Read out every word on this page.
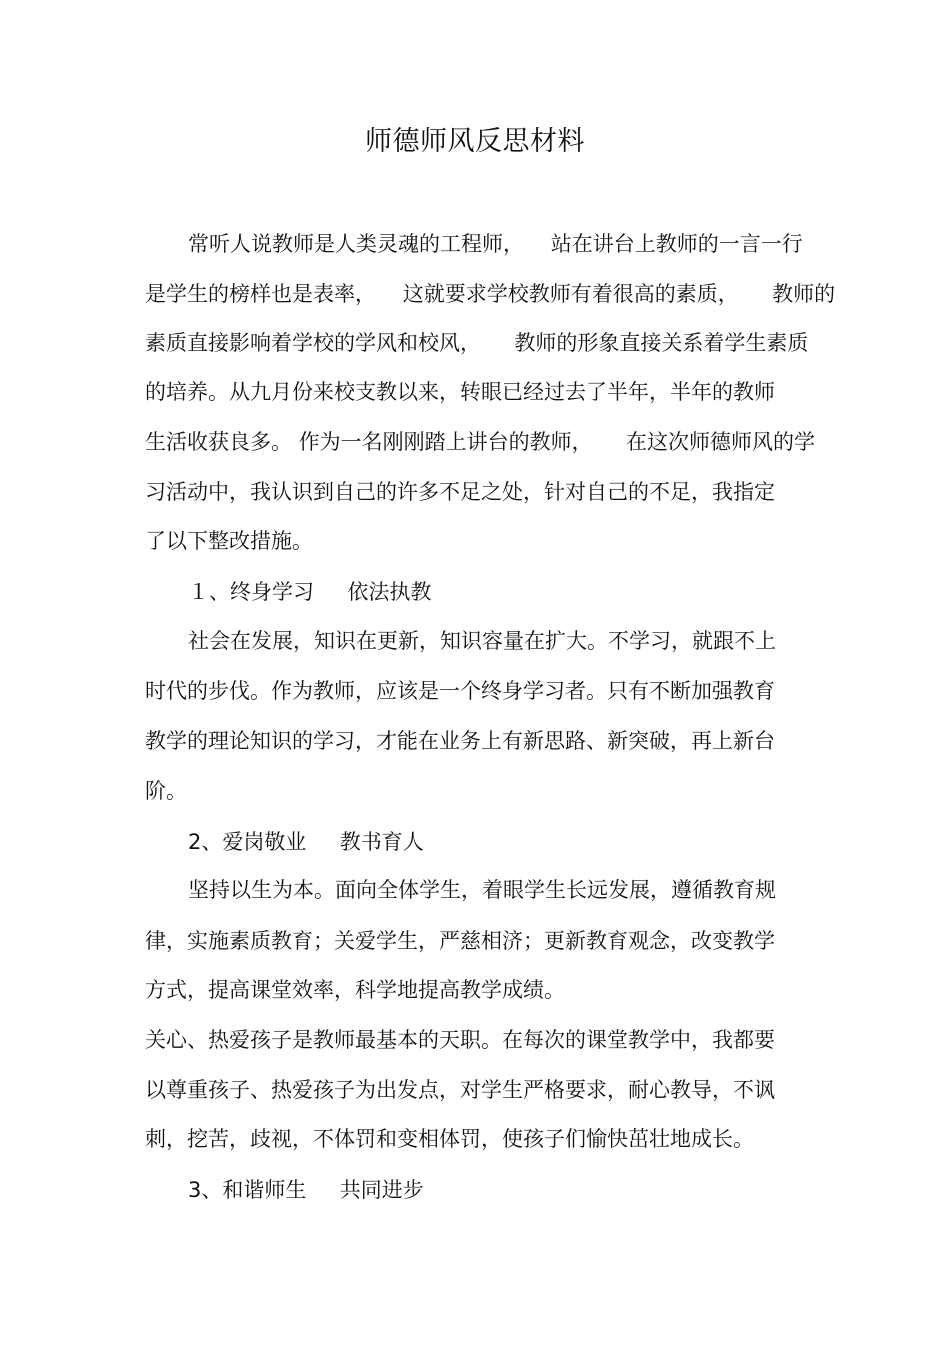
师德师风反思材料
常听人说教师是人类灵魂的工程师，    站在讲台上教师的一言一行
是学生的榜样也是表率，    这就要求学校教师有着很高的素质，     教师的
素质直接影响着学校的学风和校风，     教师的形象直接关系着学生素质
的培养。从九月份来校支教以来，转眼已经过去了半年，半年的教师
生活收获良多。 作为一名刚刚踏上讲台的教师，     在这次师德师风的学
习活动中，我认识到自己的许多不足之处，针对自己的不足，我指定
了以下整改措施。
１、终身学习     依法执教
社会在发展，知识在更新，知识容量在扩大。不学习，就跟不上
时代的步伐。作为教师，应该是一个终身学习者。只有不断加强教育
教学的理论知识的学习，才能在业务上有新思路、新突破，再上新台
阶。
2、爱岗敬业     教书育人
坚持以生为本。面向全体学生，着眼学生长远发展，遵循教育规
律，实施素质教育；关爱学生，严慈相济；更新教育观念，改变教学
方式，提高课堂效率，科学地提高教学成绩。
关心、热爱孩子是教师最基本的天职。在每次的课堂教学中，我都要
以尊重孩子、热爱孩子为出发点，对学生严格要求，耐心教导，不讽
刺，挖苦，歧视，不体罚和变相体罚，使孩子们愉快茁壮地成长。
3、和谐师生     共同进步
